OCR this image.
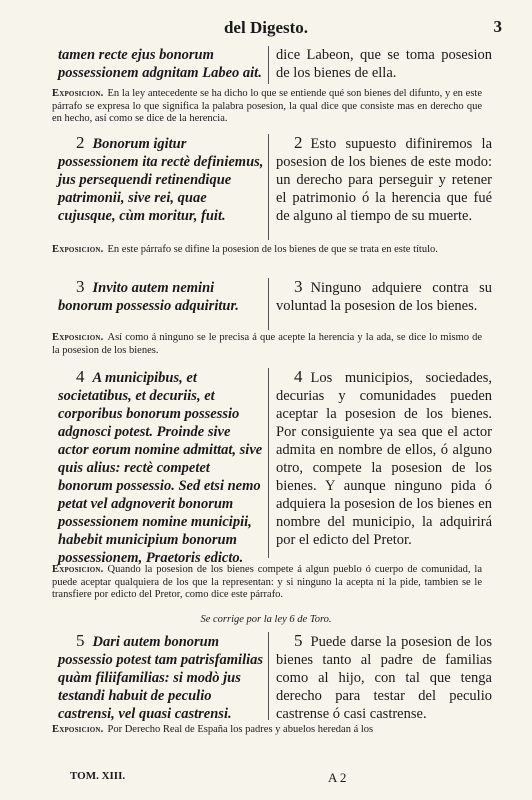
del Digesto.	3
tamen recte ejus bonorum possessionem adgnitam Labeo ait.
dice Labeon, que se toma posesion de los bienes de ella.
Exposicion. En la ley antecedente se ha dicho lo que se entiende qué son bienes del difunto, y en este párrafo se expresa lo que significa la palabra posesion, la qual dice que consiste mas en derecho que en hecho, así como se dice de la herencia.
2 Bonorum igitur possessionem ita rectè definiemus, jus persequendi retinendique patrimonii, sive rei, quae cujusque, cùm moritur, fuit.
2 Esto supuesto difiniremos la posesion de los bienes de este modo: un derecho para perseguir y retener el patrimonio ó la herencia que fué de alguno al tiempo de su muerte.
Exposicion. En este párrafo se difine la posesion de los bienes de que se trata en este título.
3 Invito autem nemini bonorum possessio adquiritur.
3 Ninguno adquiere contra su voluntad la posesion de los bienes.
Exposicion. Así como á ninguno se le precisa á que acepte la herencia y la ada, se dice lo mismo de la posesion de los bienes.
4 A municipibus, et societatibus, et decuriis, et corporibus bonorum possessio adgnosci potest. Proinde sive actor eorum nomine admittat, sive quis alius: rectè competet bonorum possessio. Sed etsi nemo petat vel adgnoverit bonorum possessionem nomine municipii, habebit municipium bonorum possessionem, Praetoris edicto.
4 Los municipios, sociedades, decurias y comunidades pueden aceptar la posesion de los bienes. Por consiguiente ya sea que el actor admita en nombre de ellos, ó alguno otro, compete la posesion de los bienes. Y aunque ninguno pida ó adquiera la posesion de los bienes en nombre del municipio, la adquirirá por el edicto del Pretor.
Exposicion. Quando la posesion de los bienes compete á algun pueblo ó cuerpo de comunidad, la puede aceptar qualquiera de los que la representan: y si ninguno la acepta ni la pide, tambien se le transfiere por edicto del Pretor, como dice este párrafo.
Se corrige por la ley 6 de Toro.
5 Dari autem bonorum possessio potest tam patrisfamilias quàm filiifamilias: si modò jus testandi habuit de peculio castrensi, vel quasi castrensi.
5 Puede darse la posesion de los bienes tanto al padre de familias como al hijo, con tal que tenga derecho para testar del peculio castrense ó casi castrense.
Exposicion. Por Derecho Real de España los padres y abuelos heredan á los
TOM. XIII.	A 2
